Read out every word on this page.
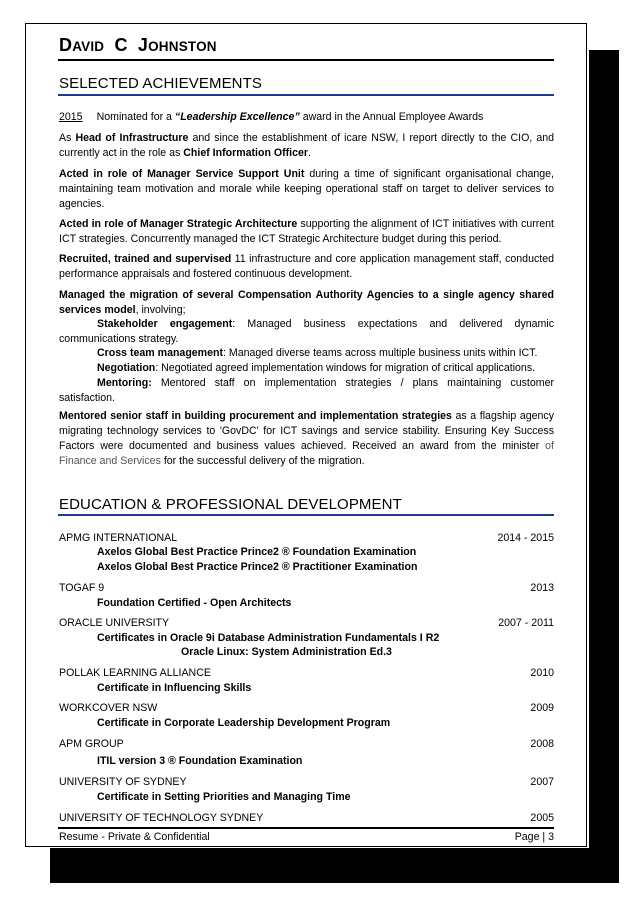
DAVID C JOHNSTON
SELECTED ACHIEVEMENTS
2015 Nominated for a “Leadership Excellence” award in the Annual Employee Awards
As Head of Infrastructure and since the establishment of icare NSW, I report directly to the CIO, and currently act in the role as Chief Information Officer.
Acted in role of Manager Service Support Unit during a time of significant organisational change, maintaining team motivation and morale while keeping operational staff on target to deliver services to agencies.
Acted in role of Manager Strategic Architecture supporting the alignment of ICT initiatives with current ICT strategies. Concurrently managed the ICT Strategic Architecture budget during this period.
Recruited, trained and supervised 11 infrastructure and core application management staff, conducted performance appraisals and fostered continuous development.
Managed the migration of several Compensation Authority Agencies to a single agency shared services model, involving;
Stakeholder engagement: Managed business expectations and delivered dynamic communications strategy.
Cross team management: Managed diverse teams across multiple business units within ICT.
Negotiation: Negotiated agreed implementation windows for migration of critical applications.
Mentoring: Mentored staff on implementation strategies / plans maintaining customer satisfaction.
Mentored senior staff in building procurement and implementation strategies as a flagship agency migrating technology services to 'GovDC' for ICT savings and service stability. Ensuring Key Success Factors were documented and business values achieved. Received an award from the minister of Finance and Services for the successful delivery of the migration.
EDUCATION & PROFESSIONAL DEVELOPMENT
APMG INTERNATIONAL	2014 - 2015
Axelos Global Best Practice Prince2 ® Foundation Examination
Axelos Global Best Practice Prince2 ® Practitioner Examination
TOGAF 9	2013
Foundation Certified - Open Architects
ORACLE UNIVERSITY	2007 - 2011
Certificates in Oracle 9i Database Administration Fundamentals I R2
Oracle Linux: System Administration Ed.3
POLLAK LEARNING ALLIANCE	2010
Certificate in Influencing Skills
WORKCOVER NSW	2009
Certificate in Corporate Leadership Development Program
APM GROUP	2008
ITIL version 3 ® Foundation Examination
UNIVERSITY OF SYDNEY	2007
Certificate in Setting Priorities and Managing Time
UNIVERSITY OF TECHNOLOGY SYDNEY	2005
Resume - Private & Confidential	Page | 3
